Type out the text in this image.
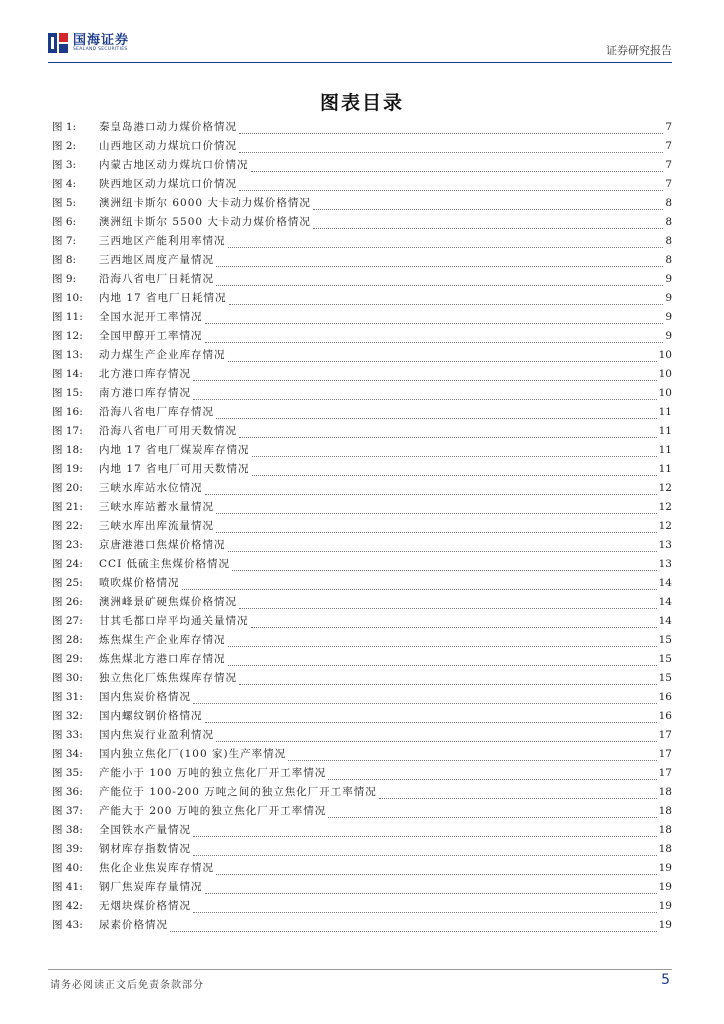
国海证券
SEALAND SECURITIES	证券研究报告
图表目录
图 1:	秦皇岛港口动力煤价格情况	7
图 2:	山西地区动力煤坑口价情况	7
图 3:	内蒙古地区动力煤坑口价情况	7
图 4:	陕西地区动力煤坑口价情况	7
图 5:	澳洲纽卡斯尔 6000 大卡动力煤价格情况	8
图 6:	澳洲纽卡斯尔 5500 大卡动力煤价格情况	8
图 7:	三西地区产能利用率情况	8
图 8:	三西地区周度产量情况	8
图 9:	沿海八省电厂日耗情况	9
图 10:	内地 17 省电厂日耗情况	9
图 11:	全国水泥开工率情况	9
图 12:	全国甲醇开工率情况	9
图 13:	动力煤生产企业库存情况	10
图 14:	北方港口库存情况	10
图 15:	南方港口库存情况	10
图 16:	沿海八省电厂库存情况	11
图 17:	沿海八省电厂可用天数情况	11
图 18:	内地 17 省电厂煤炭库存情况	11
图 19:	内地 17 省电厂可用天数情况	11
图 20:	三峡水库站水位情况	12
图 21:	三峡水库站蓄水量情况	12
图 22:	三峡水库出库流量情况	12
图 23:	京唐港港口焦煤价格情况	13
图 24:	CCI 低硫主焦煤价格情况	13
图 25:	喷吹煤价格情况	14
图 26:	澳洲峰景矿硬焦煤价格情况	14
图 27:	甘其毛都口岸平均通关量情况	14
图 28:	炼焦煤生产企业库存情况	15
图 29:	炼焦煤北方港口库存情况	15
图 30:	独立焦化厂炼焦煤库存情况	15
图 31:	国内焦炭价格情况	16
图 32:	国内螺纹钢价格情况	16
图 33:	国内焦炭行业盈利情况	17
图 34:	国内独立焦化厂(100 家)生产率情况	17
图 35:	产能小于 100 万吨的独立焦化厂开工率情况	17
图 36:	产能位于 100-200 万吨之间的独立焦化厂开工率情况	18
图 37:	产能大于 200 万吨的独立焦化厂开工率情况	18
图 38:	全国铁水产量情况	18
图 39:	钢材库存指数情况	18
图 40:	焦化企业焦炭库存情况	19
图 41:	钢厂焦炭库存量情况	19
图 42:	无烟块煤价格情况	19
图 43:	尿素价格情况	19
请务必阅读正文后免责条款部分	5
